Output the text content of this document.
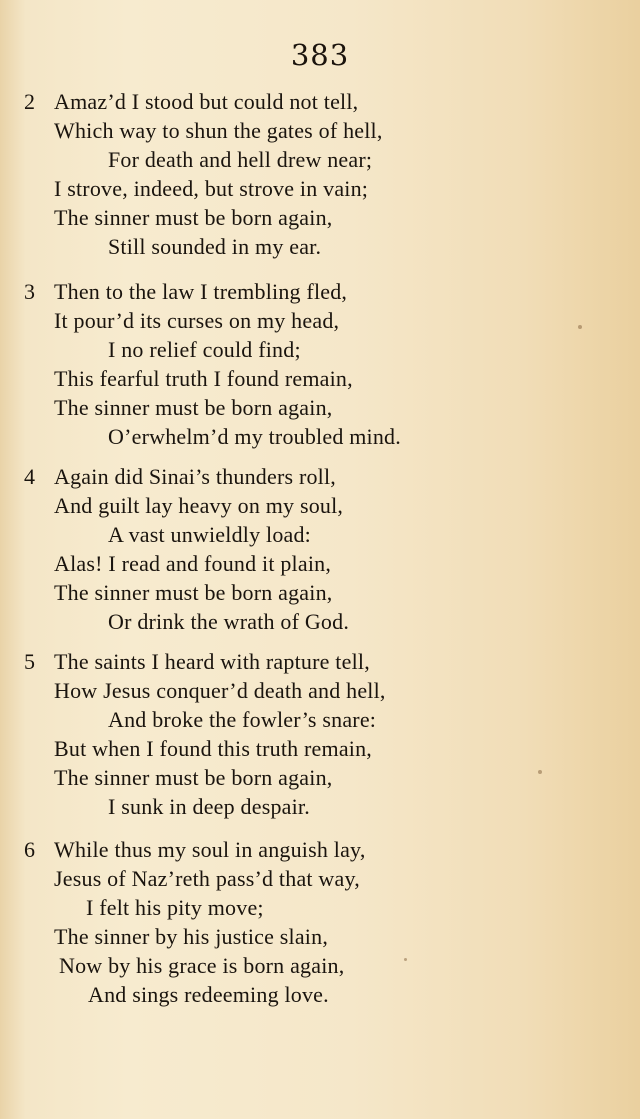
383
2 Amaz’d I stood but could not tell,
Which way to shun the gates of hell,
For death and hell drew near;
I strove, indeed, but strove in vain;
The sinner must be born again,
Still sounded in my ear.
3 Then to the law I trembling fled,
It pour’d its curses on my head,
I no relief could find;
This fearful truth I found remain,
The sinner must be born again,
O’erwhelm’d my troubled mind.
4 Again did Sinai’s thunders roll,
And guilt lay heavy on my soul,
A vast unwieldly load:
Alas! I read and found it plain,
The sinner must be born again,
Or drink the wrath of God.
5 The saints I heard with rapture tell,
How Jesus conquer’d death and hell,
And broke the fowler’s snare:
But when I found this truth remain,
The sinner must be born again,
I sunk in deep despair.
6 While thus my soul in anguish lay,
Jesus of Naz’reth pass’d that way,
I felt his pity move;
The sinner by his justice slain,
Now by his grace is born again,
And sings redeeming love.
